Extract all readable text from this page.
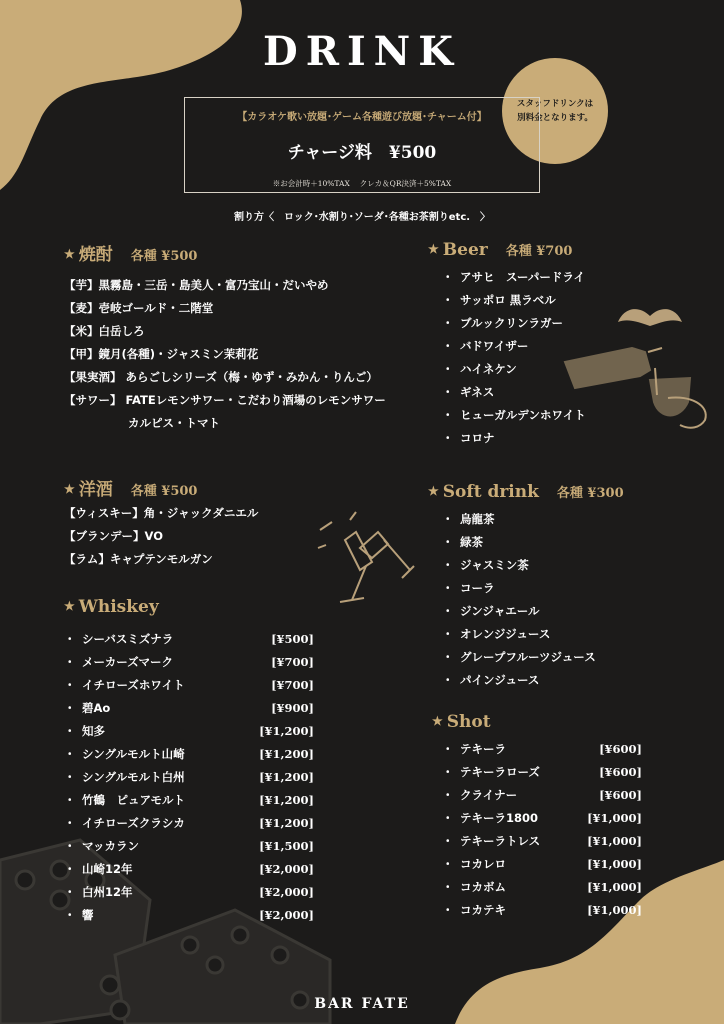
DRINK
スタッフドリンクは
別料金となります。
【カラオケ歌い放題･ゲーム各種遊び放題･チャーム付】
チャージ料　¥500
※お会計時＋10%TAX　 クレカ＆QR決済＋5%TAX
割り方〈　ロック･水割り･ソーダ･各種お茶割りetc.　〉
★ 焼酎 各種 ¥500
【芋】黒霧島・三岳・島美人・富乃宝山・だいやめ
【麦】壱岐ゴールド・二階堂
【米】白岳しろ
【甲】鏡月(各種)・ジャスミン茉莉花
【果実酒】 あらごしシリーズ（梅・ゆず・みかん・りんご）
【サワー】 FATEレモンサワー・こだわり酒場のレモンサワー
カルピス・トマト
★ 洋酒 各種 ¥500
【ウィスキー】角・ジャックダニエル
【ブランデー】VO
【ラム】キャプテンモルガン
★ Whiskey
・ シーバスミズナラ	[¥500]
・ メーカーズマーク	[¥700]
・ イチローズホワイト	[¥700]
・ 碧Ao	[¥900]
・ 知多	[¥1,200]
・ シングルモルト山崎	[¥1,200]
・ シングルモルト白州	[¥1,200]
・ 竹鶴　ピュアモルト	[¥1,200]
・ イチローズクラシカ	[¥1,200]
・ マッカラン	[¥1,500]
・ 山崎12年	[¥2,000]
・ 白州12年	[¥2,000]
・ 響	[¥2,000]
★ Beer 各種 ¥700
・ アサヒ　スーパードライ
・ サッポロ 黒ラベル
・ ブルックリンラガー
・ バドワイザー
・ ハイネケン
・ ギネス
・ ヒューガルデンホワイト
・ コロナ
★ Soft drink 各種 ¥300
・ 烏龍茶
・ 緑茶
・ ジャスミン茶
・ コーラ
・ ジンジャエール
・ オレンジジュース
・ グレープフルーツジュース
・ パインジュース
★ Shot
・ テキーラ	[¥600]
・ テキーラローズ	[¥600]
・ クライナー	[¥600]
・ テキーラ1800	[¥1,000]
・ テキーラトレス	[¥1,000]
・ コカレロ	[¥1,000]
・ コカボム	[¥1,000]
・ コカテキ	[¥1,000]
BAR FATE
